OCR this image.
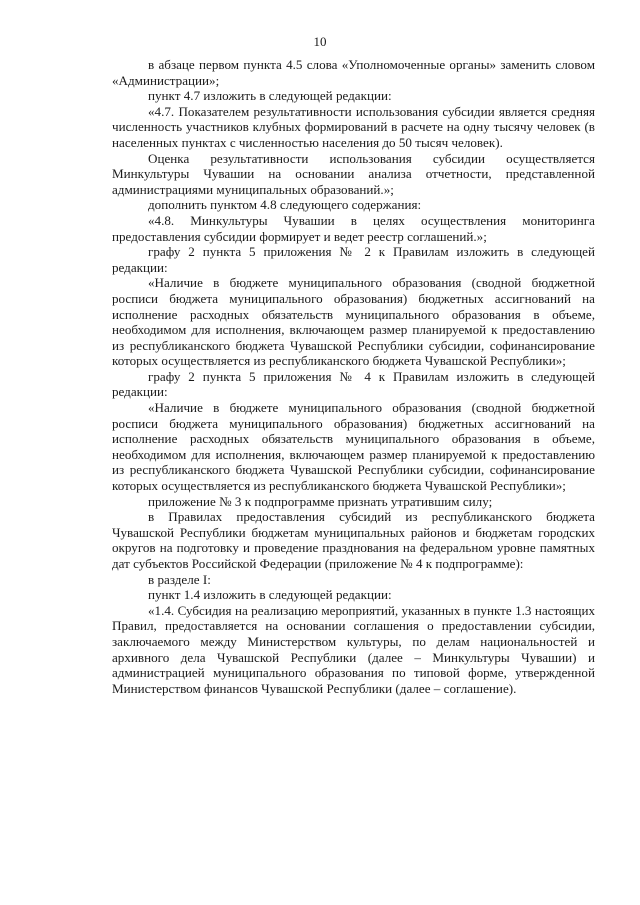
10

в абзаце первом пункта 4.5 слова «Уполномоченные органы» заменить словом «Администрации»;

пункт 4.7 изложить в следующей редакции:

«4.7. Показателем результативности использования субсидии является средняя численность участников клубных формирований в расчете на одну тысячу человек (в населенных пунктах с численностью населения до 50 тысяч человек).

Оценка результативности использования субсидии осуществляется Минкультуры Чувашии на основании анализа отчетности, представленной администрациями муниципальных образований.»;

дополнить пунктом 4.8 следующего содержания:

«4.8. Минкультуры Чувашии в целях осуществления мониторинга предоставления субсидии формирует и ведет реестр соглашений.»;

графу 2 пункта 5 приложения № 2 к Правилам изложить в следующей редакции:

«Наличие в бюджете муниципального образования (сводной бюджетной росписи бюджета муниципального образования) бюджетных ассигнований на исполнение расходных обязательств муниципального образования в объеме, необходимом для исполнения, включающем размер планируемой к предоставлению из республиканского бюджета Чувашской Республики субсидии, софинансирование которых осуществляется из республиканского бюджета Чувашской Республики»;

графу 2 пункта 5 приложения № 4 к Правилам изложить в следующей редакции:

«Наличие в бюджете муниципального образования (сводной бюджетной росписи бюджета муниципального образования) бюджетных ассигнований на исполнение расходных обязательств муниципального образования в объеме, необходимом для исполнения, включающем размер планируемой к предоставлению из республиканского бюджета Чувашской Республики субсидии, софинансирование которых осуществляется из республиканского бюджета Чувашской Республики»;

приложение № 3 к подпрограмме признать утратившим силу;

в Правилах предоставления субсидий из республиканского бюджета Чувашской Республики бюджетам муниципальных районов и бюджетам городских округов на подготовку и проведение празднования на федеральном уровне памятных дат субъектов Российской Федерации (приложение № 4 к подпрограмме):

в разделе I:

пункт 1.4 изложить в следующей редакции:

«1.4. Субсидия на реализацию мероприятий, указанных в пункте 1.3 настоящих Правил, предоставляется на основании соглашения о предоставлении субсидии, заключаемого между Министерством культуры, по делам национальностей и архивного дела Чувашской Республики (далее – Минкультуры Чувашии) и администрацией муниципального образования по типовой форме, утвержденной Министерством финансов Чувашской Республики (далее – соглашение).
